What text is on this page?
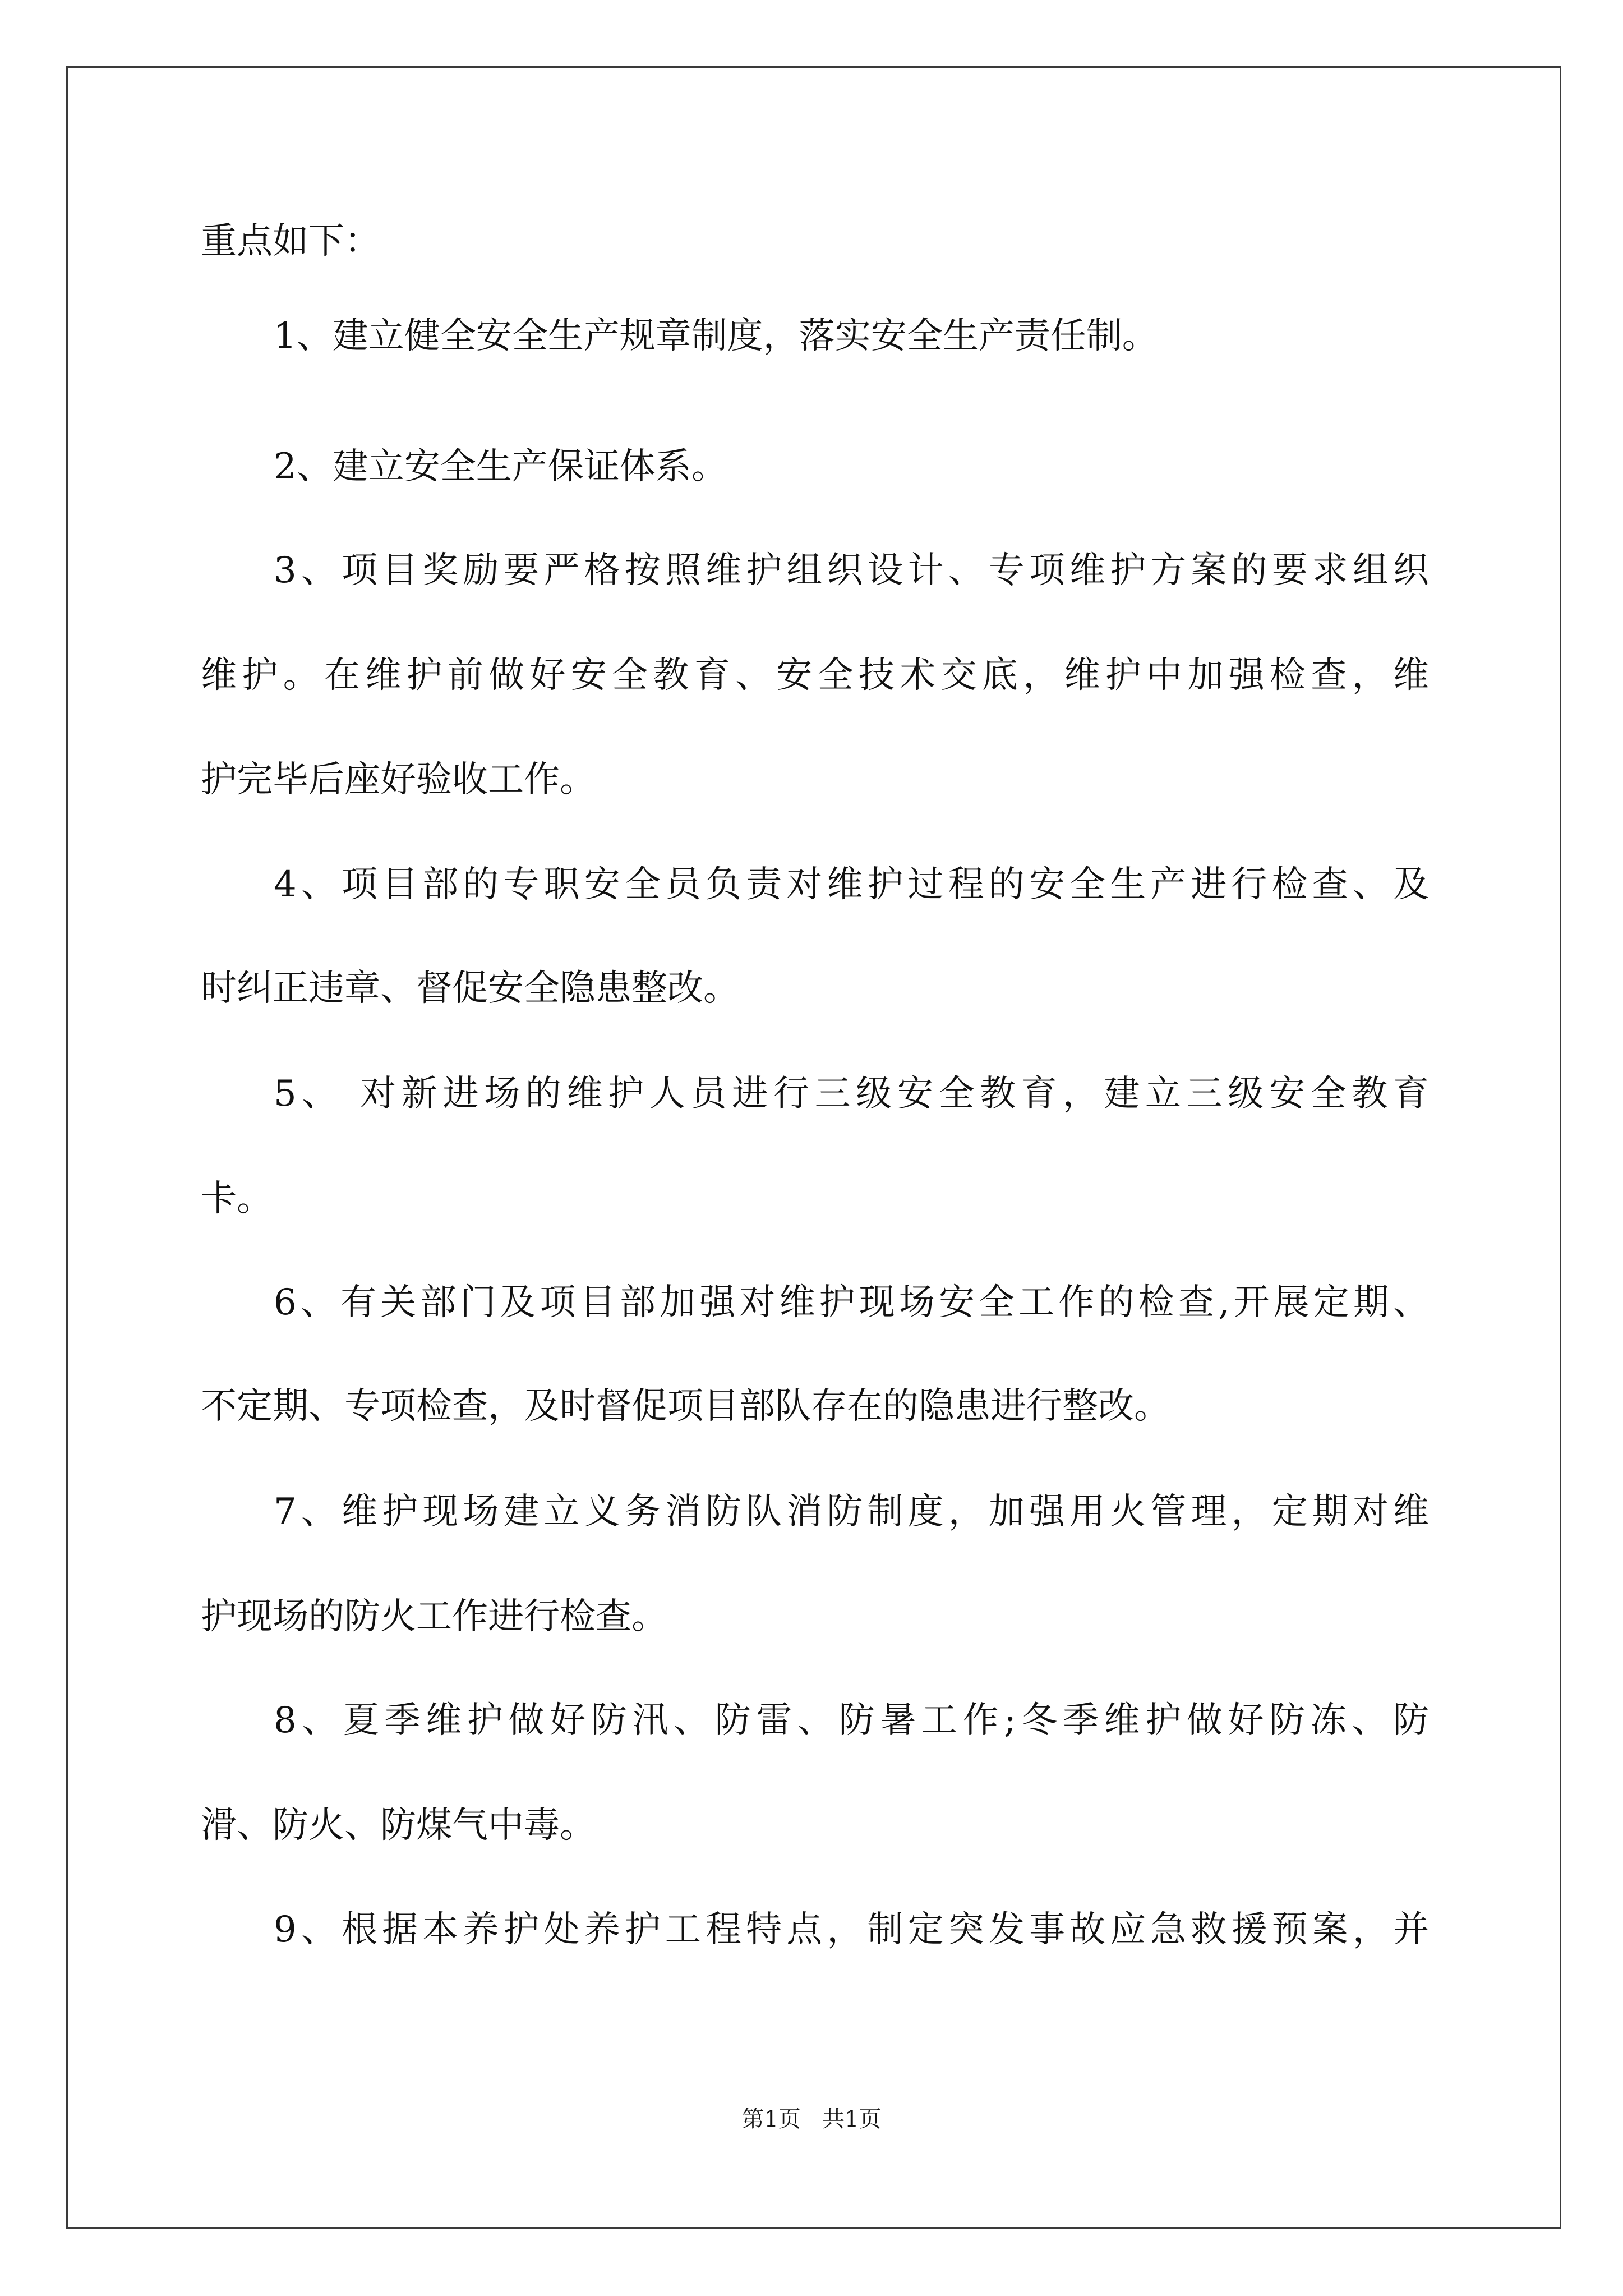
重点如下：
1、建立健全安全生产规章制度，落实安全生产责任制。
2、建立安全生产保证体系。
3、项目奖励要严格按照维护组织设计、专项维护方案的要求组织
维护。在维护前做好安全教育、安全技术交底，维护中加强检查，维
护完毕后座好验收工作。
4、项目部的专职安全员负责对维护过程的安全生产进行检查、及
时纠正违章、督促安全隐患整改。
5、 对新进场的维护人员进行三级安全教育，建立三级安全教育
卡。
6、有关部门及项目部加强对维护现场安全工作的检查,开展定期、
不定期、专项检查，及时督促项目部队存在的隐患进行整改。
7、维护现场建立义务消防队消防制度，加强用火管理，定期对维
护现场的防火工作进行检查。
8、夏季维护做好防汛、防雷、防暑工作;冬季维护做好防冻、防
滑、防火、防煤气中毒。
9、根据本养护处养护工程特点，制定突发事故应急救援预案，并
第1页   共1页
